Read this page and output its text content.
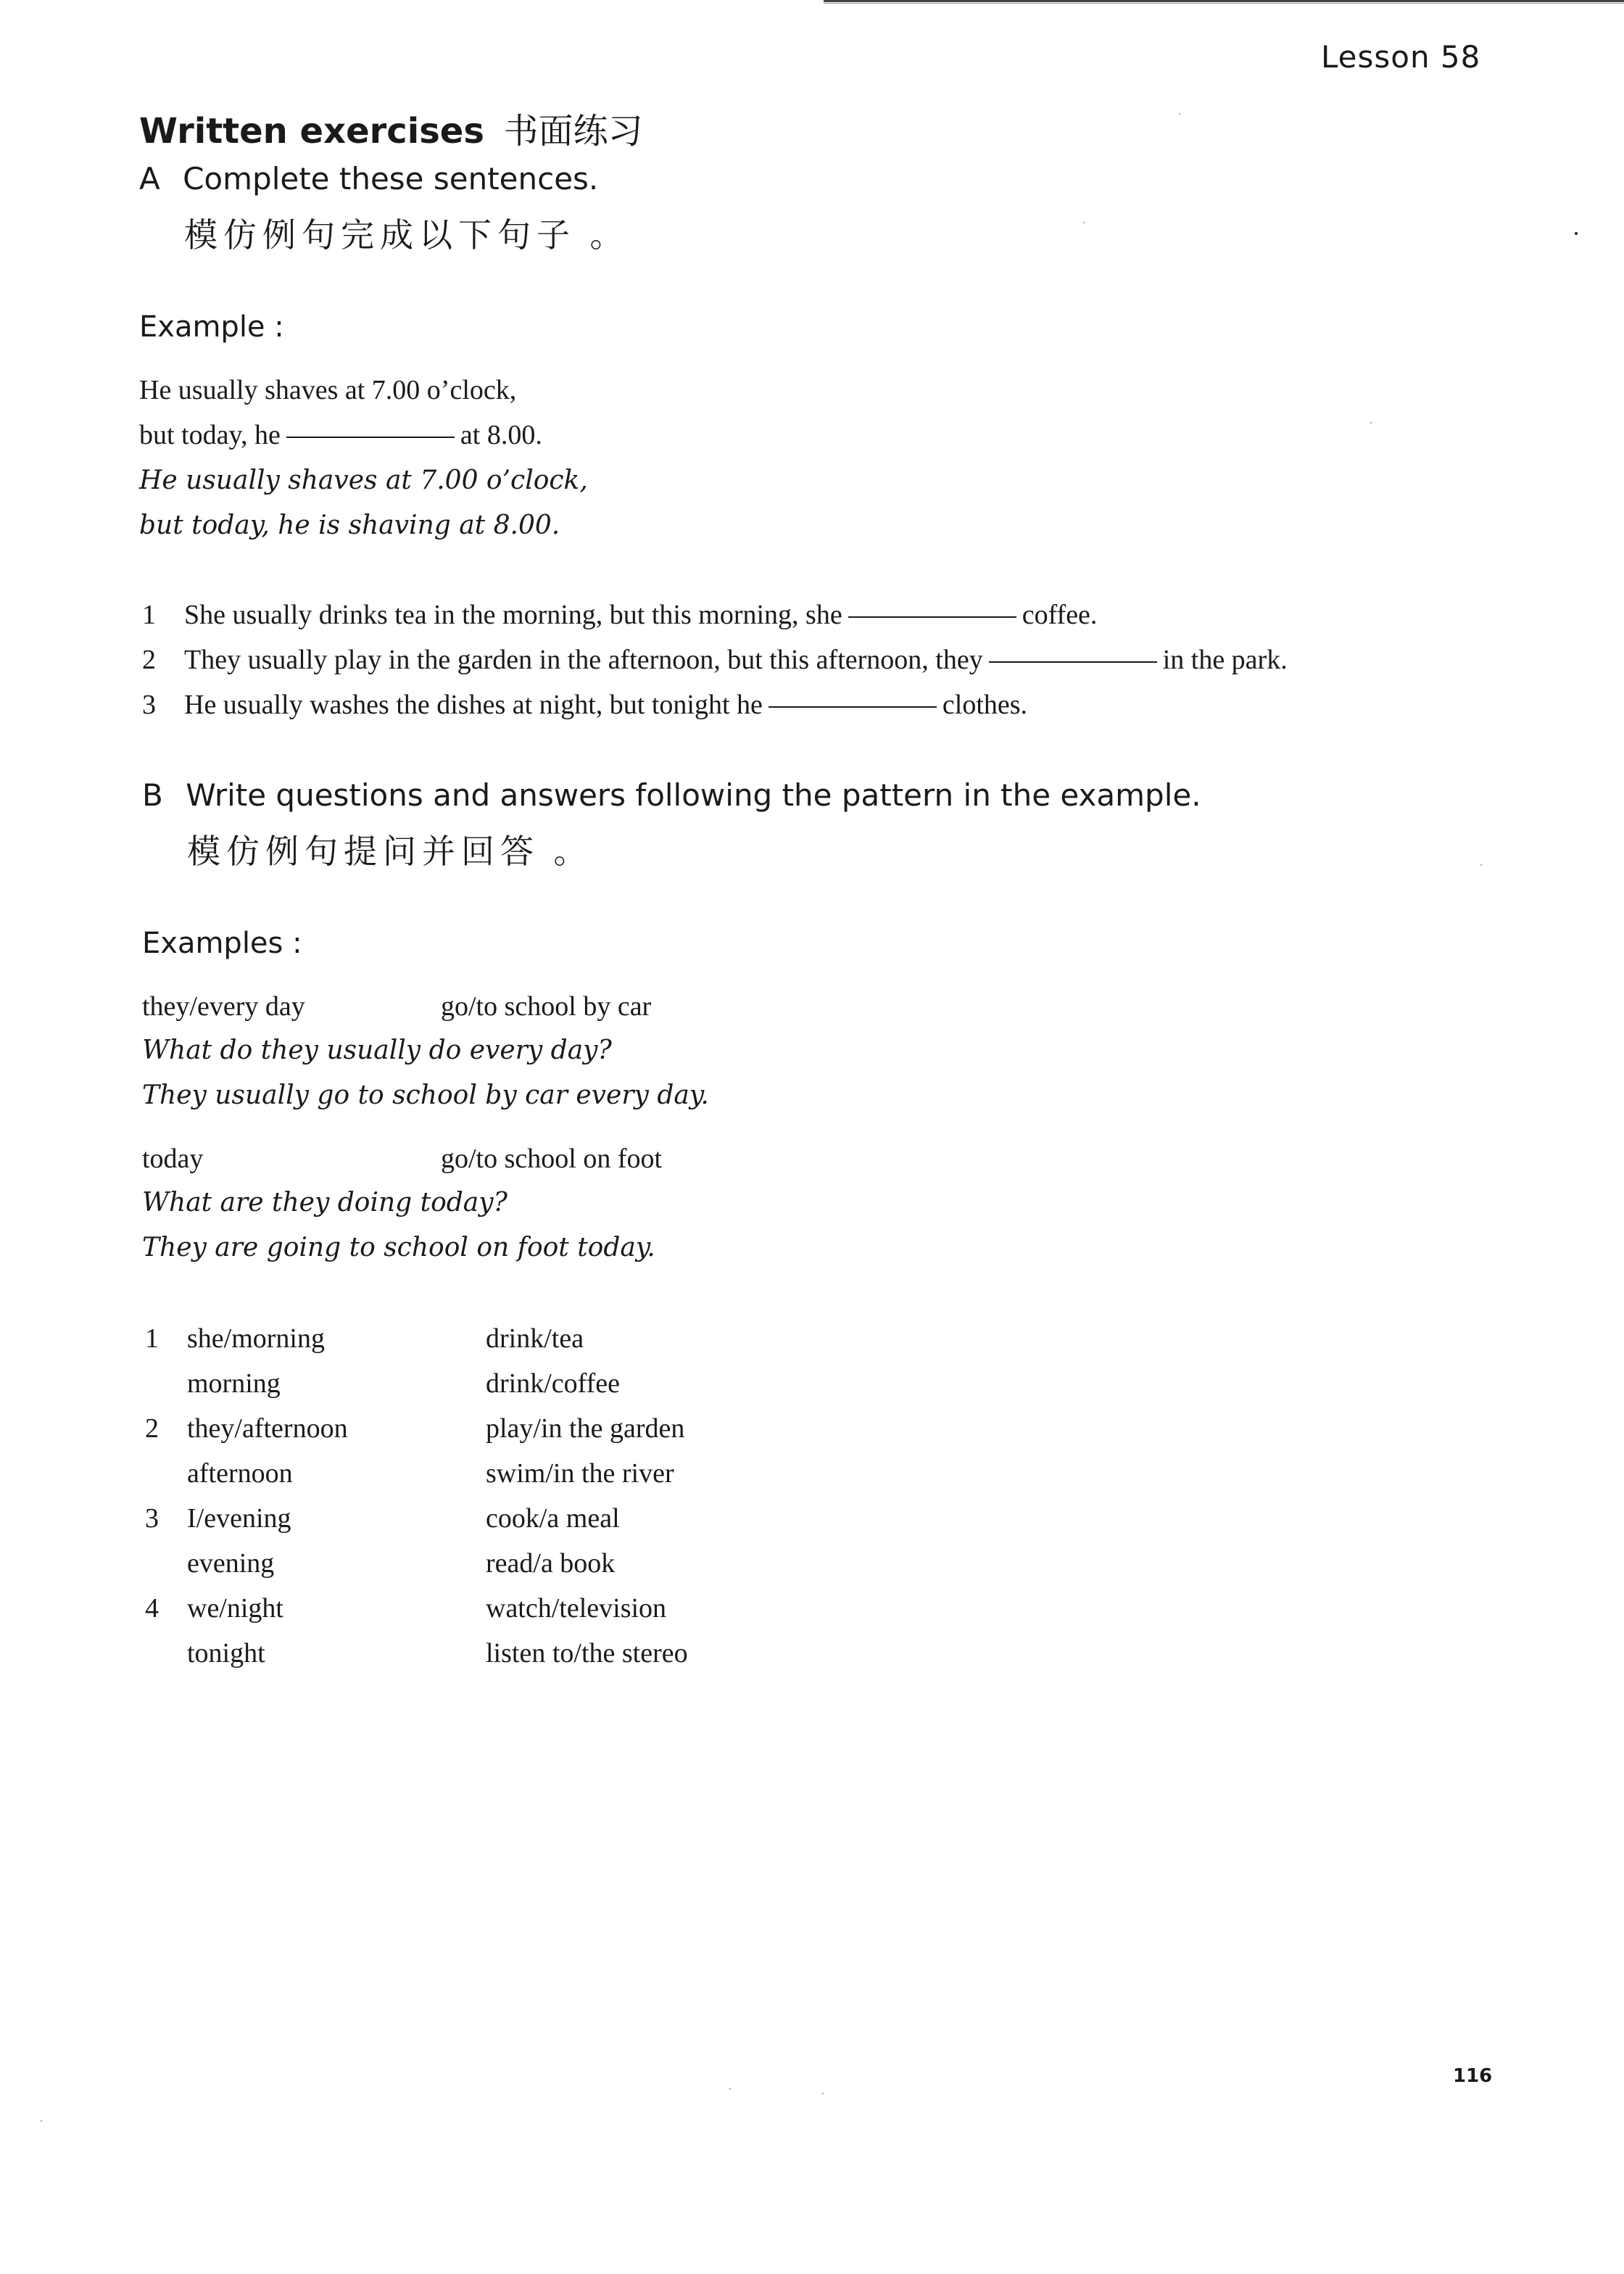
Lesson 58
Written exercises 书面练习
A Complete these sentences.
模仿例句完成以下句子 。
Example :
He usually shaves at 7.00 o’clock,
but today, he	at 8.00.
He usually shaves at 7.00 o’clock,
but today, he is shaving at 8.00.
1 She usually drinks tea in the morning, but this morning, she	coffee.
2 They usually play in the garden in the afternoon, but this afternoon, they	in the park.
3 He usually washes the dishes at night, but tonight he	clothes.
B Write questions and answers following the pattern in the example.
模仿例句提问并回答 。
Examples :
they/every day	go/to school by car
What do they usually do every day?
They usually go to school by car every day.
today	go/to school on foot
What are they doing today?
They are going to school on foot today.
1 she/morning	drink/tea
morning	drink/coffee
2 they/afternoon	play/in the garden
afternoon	swim/in the river
3 I/evening	cook/a meal
evening	read/a book
4 we/night	watch/television
tonight	listen to/the stereo
116
